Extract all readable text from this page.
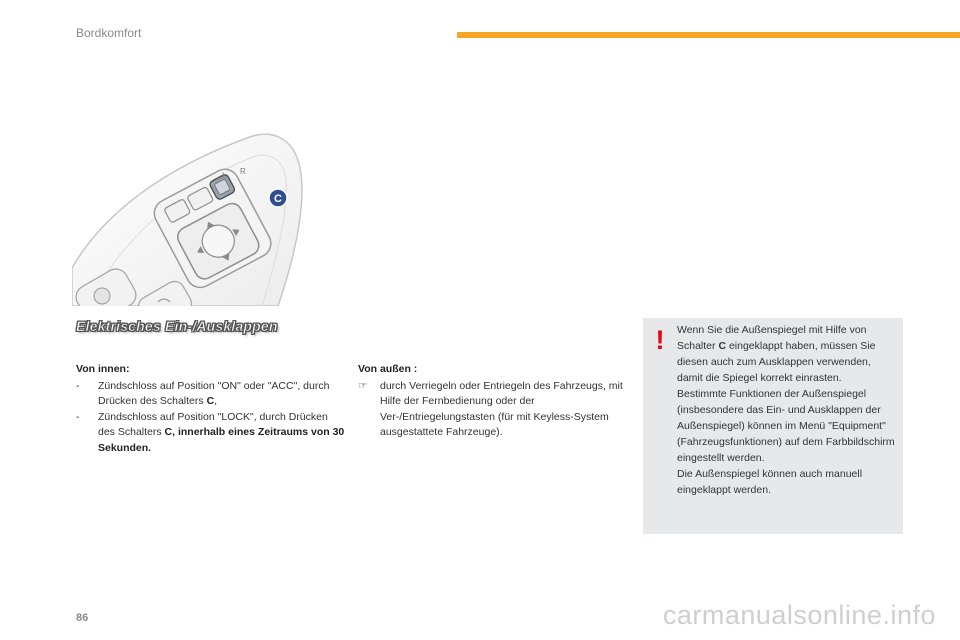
Bordkomfort
L R
C
Elektrisches Ein-/Ausklappen
Von innen:
-	Zündschloss auf Position "ON" oder "ACC", durch Drücken des Schalters C,
-	Zündschloss auf Position "LOCK", durch Drücken des Schalters C, innerhalb eines Zeitraums von 30 Sekunden.
Von außen :
☞	durch Verriegeln oder Entriegeln des Fahrzeugs, mit Hilfe der Fernbedienung oder der Ver-/Entriegelungstasten (für mit Keyless-System ausgestattete Fahrzeuge).
! Wenn Sie die Außenspiegel mit Hilfe von Schalter C eingeklappt haben, müssen Sie diesen auch zum Ausklappen verwenden, damit die Spiegel korrekt einrasten.
Bestimmte Funktionen der Außenspiegel (insbesondere das Ein- und Ausklappen der Außenspiegel) können im Menü "Equipment" (Fahrzeugsfunktionen) auf dem Farbbildschirm eingestellt werden.
Die Außenspiegel können auch manuell eingeklappt werden.
86	carmanualsonline.info
